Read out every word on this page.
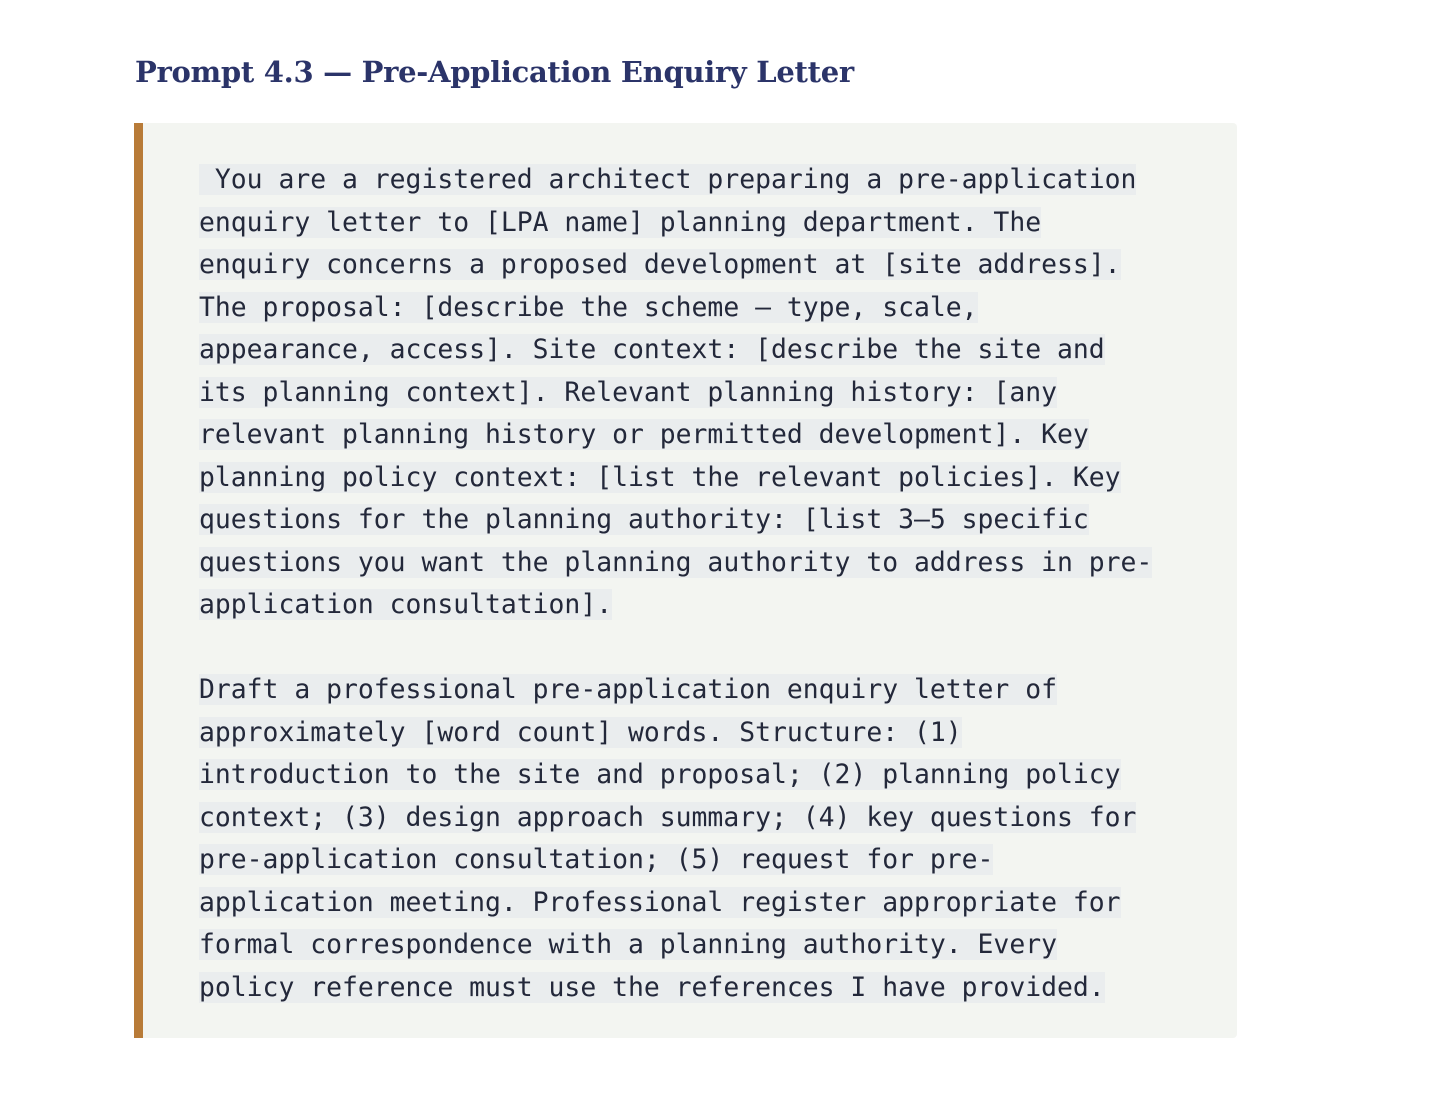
Prompt 4.3 — Pre-Application Enquiry Letter
You are a registered architect preparing a pre-application
enquiry letter to [LPA name] planning department. The
enquiry concerns a proposed development at [site address].
The proposal: [describe the scheme — type, scale,
appearance, access]. Site context: [describe the site and
its planning context]. Relevant planning history: [any
relevant planning history or permitted development]. Key
planning policy context: [list the relevant policies]. Key
questions for the planning authority: [list 3–5 specific
questions you want the planning authority to address in pre-
application consultation].

Draft a professional pre-application enquiry letter of
approximately [word count] words. Structure: (1)
introduction to the site and proposal; (2) planning policy
context; (3) design approach summary; (4) key questions for
pre-application consultation; (5) request for pre-
application meeting. Professional register appropriate for
formal correspondence with a planning authority. Every
policy reference must use the references I have provided.
